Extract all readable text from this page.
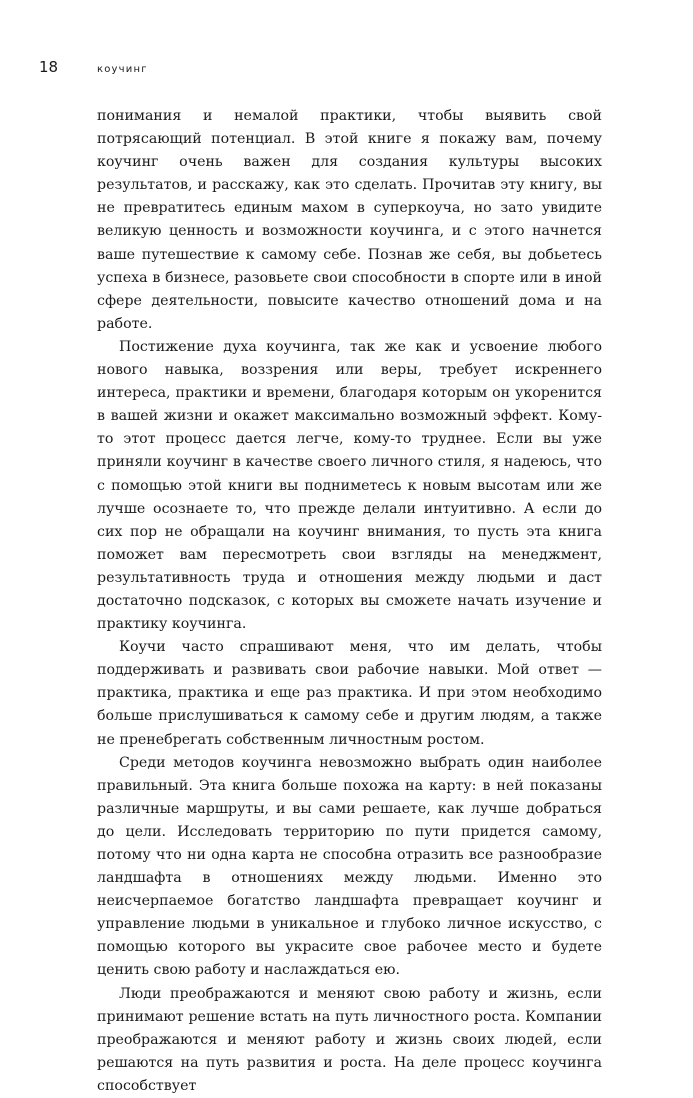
18	коучинг

понимания и немалой практики, чтобы выявить свой потрясающий потенциал. В этой книге я покажу вам, почему коучинг очень важен для создания культуры высоких результатов, и расскажу, как это сделать. Прочитав эту книгу, вы не превратитесь единым махом в суперкоуча, но зато увидите великую ценность и возможности коучинга, и с этого начнется ваше путешествие к самому себе. Познав же себя, вы добьетесь успеха в бизнесе, разовьете свои способности в спорте или в иной сфере деятельности, повысите качество отношений дома и на работе.

Постижение духа коучинга, так же как и усвоение любого нового навыка, воззрения или веры, требует искреннего интереса, практики и времени, благодаря которым он укоренится в вашей жизни и окажет максимально возможный эффект. Кому-то этот процесс дается легче, кому-то труднее. Если вы уже приняли коучинг в качестве своего личного стиля, я надеюсь, что с помощью этой книги вы подниметесь к новым высотам или же лучше осознаете то, что прежде делали интуитивно. А если до сих пор не обращали на коучинг внимания, то пусть эта книга поможет вам пересмотреть свои взгляды на менеджмент, результативность труда и отношения между людьми и даст достаточно подсказок, с которых вы сможете начать изучение и практику коучинга.

Коучи часто спрашивают меня, что им делать, чтобы поддерживать и развивать свои рабочие навыки. Мой ответ — практика, практика и еще раз практика. И при этом необходимо больше прислушиваться к самому себе и другим людям, а также не пренебрегать собственным личностным ростом.

Среди методов коучинга невозможно выбрать один наиболее правильный. Эта книга больше похожа на карту: в ней показаны различные маршруты, и вы сами решаете, как лучше добраться до цели. Исследовать территорию по пути придется самому, потому что ни одна карта не способна отразить все разнообразие ландшафта в отношениях между людьми. Именно это неисчерпаемое богатство ландшафта превращает коучинг и управление людьми в уникальное и глубоко личное искусство, с помощью которого вы украсите свое рабочее место и будете ценить свою работу и наслаждаться ею.

Люди преображаются и меняют свою работу и жизнь, если принимают решение встать на путь личностного роста. Компании преображаются и меняют работу и жизнь своих людей, если решаются на путь развития и роста. На деле процесс коучинга способствует
